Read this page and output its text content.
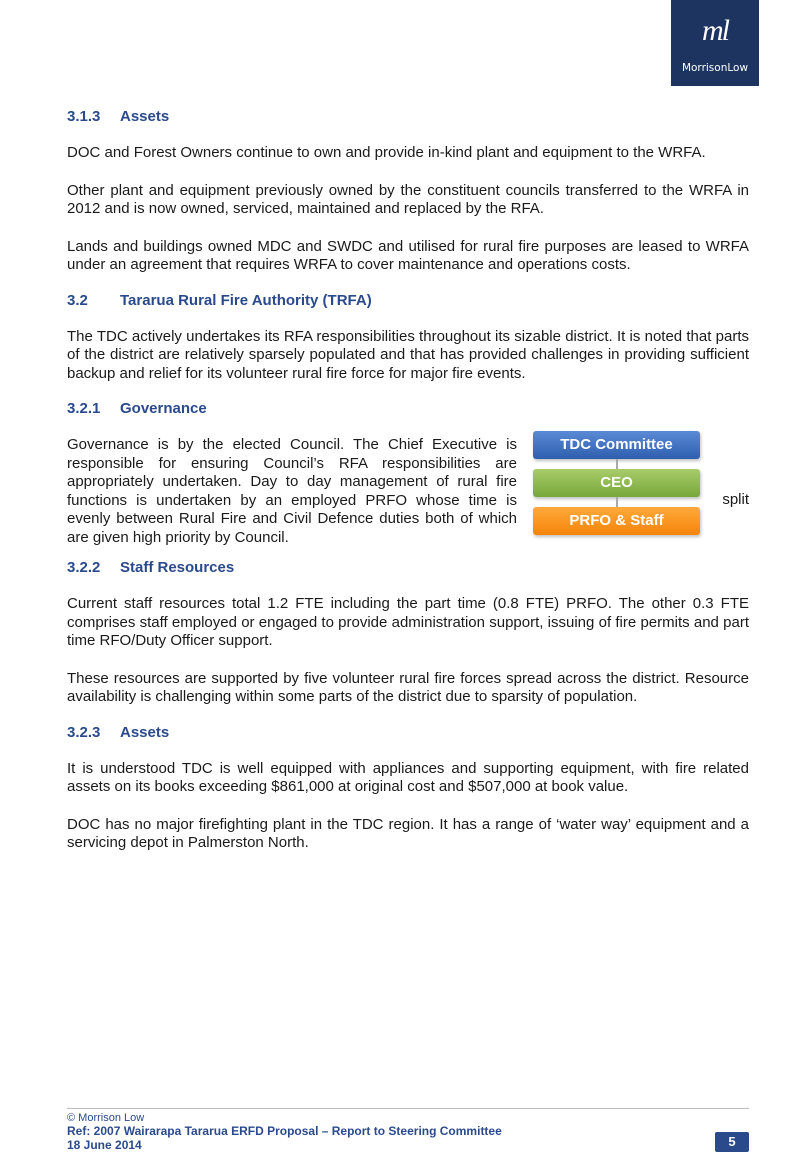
ml
MorrisonLow
3.1.3 Assets

DOC and Forest Owners continue to own and provide in-kind plant and equipment to the WRFA.

Other plant and equipment previously owned by the constituent councils transferred to the WRFA in 2012 and is now owned, serviced, maintained and replaced by the RFA.

Lands and buildings owned MDC and SWDC and utilised for rural fire purposes are leased to WRFA under an agreement that requires WRFA to cover maintenance and operations costs.

3.2 Tararua Rural Fire Authority (TRFA)

The TDC actively undertakes its RFA responsibilities throughout its sizable district. It is noted that parts of the district are relatively sparsely populated and that has provided challenges in providing sufficient backup and relief for its volunteer rural fire force for major fire events.

3.2.1 Governance

Governance is by the elected Council. The Chief Executive is responsible for ensuring Council’s RFA responsibilities are appropriately undertaken. Day to day management of rural fire functions is undertaken by an employed PRFO whose time is evenly between Rural Fire and Civil Defence duties both of which are given high priority by Council.

split
TDC Committee
CEO
PRFO & Staff
3.2.2 Staff Resources

Current staff resources total 1.2 FTE including the part time (0.8 FTE) PRFO. The other 0.3 FTE comprises staff employed or engaged to provide administration support, issuing of fire permits and part time RFO/Duty Officer support.

These resources are supported by five volunteer rural fire forces spread across the district. Resource availability is challenging within some parts of the district due to sparsity of population.

3.2.3 Assets

It is understood TDC is well equipped with appliances and supporting equipment, with fire related assets on its books exceeding $861,000 at original cost and $507,000 at book value.

DOC has no major firefighting plant in the TDC region. It has a range of ‘water way’ equipment and a servicing depot in Palmerston North.

© Morrison Low
Ref: 2007 Wairarapa Tararua ERFD Proposal – Report to Steering Committee
18 June 2014	5
